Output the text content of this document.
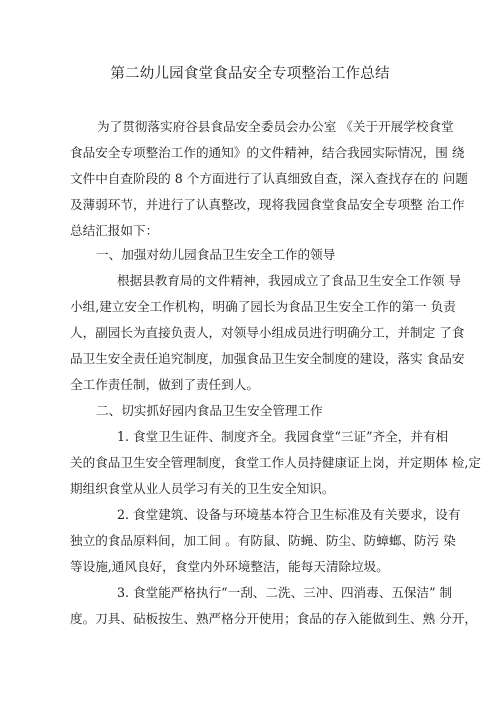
第二幼儿园食堂食品安全专项整治工作总结
为了贯彻落实府谷县食品安全委员会办公室 《关于开展学校食堂
食品安全专项整治工作的通知》的文件精神，结合我园实际情况，围 绕
文件中自查阶段的 8 个方面进行了认真细致自查，深入查找存在的 问题
及薄弱环节，并进行了认真整改，现将我园食堂食品安全专项整 治工作
总结汇报如下：
一、加强对幼儿园食品卫生安全工作的领导
根据县教育局的文件精神，我园成立了食品卫生安全工作领 导
小组,建立安全工作机构，明确了园长为食品卫生安全工作的第一 负责
人，副园长为直接负责人，对领导小组成员进行明确分工，并制定 了食
品卫生安全责任追究制度，加强食品卫生安全制度的建设，落实 食品安
全工作责任制，做到了责任到人。
二、切实抓好园内食品卫生安全管理工作
1. 食堂卫生证件、制度齐全。我园食堂“三证”齐全，并有相
关的食品卫生安全管理制度，食堂工作人员持健康证上岗，并定期体 检,定
期组织食堂从业人员学习有关的卫生安全知识。
2. 食堂建筑、设备与环境基本符合卫生标准及有关要求，设有
独立的食品原料间，加工间 。有防鼠、防蝇、防尘、防蟑螂、防污 染
等设施,通风良好，食堂内外环境整洁，能每天清除垃圾。
3. 食堂能严格执行“一刮、二洗、三冲、四消毒、五保洁” 制
度。刀具、砧板按生、熟严格分开使用；食品的存入能做到生、熟 分开，
